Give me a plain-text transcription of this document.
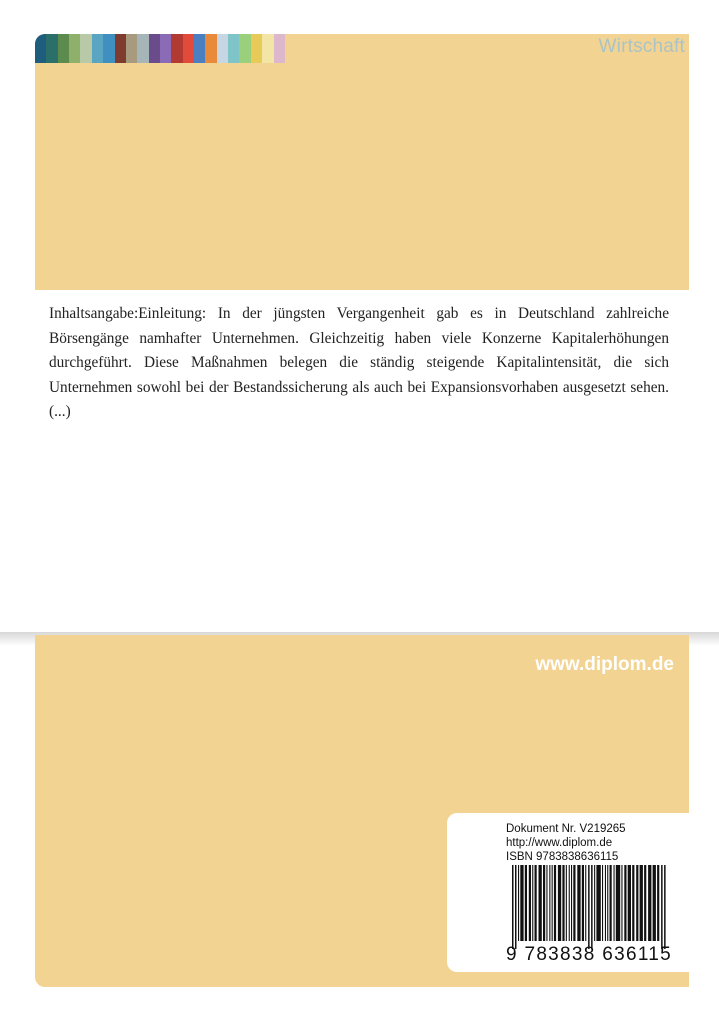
Wirtschaft

Inhaltsangabe:Einleitung: In der jüngsten Vergangenheit gab es in Deutschland zahlreiche Börsengänge namhafter Unternehmen. Gleichzeitig haben viele Konzerne Kapitalerhöhungen durchgeführt. Diese Maßnahmen belegen die ständig steigende Kapitalintensität, die sich Unternehmen sowohl bei der Bestandssicherung als auch bei Expansionsvorhaben ausgesetzt sehen. (...)

www.diplom.de
Dokument Nr. V219265
http://www.diplom.de
ISBN 9783838636115
9 783838 636115
